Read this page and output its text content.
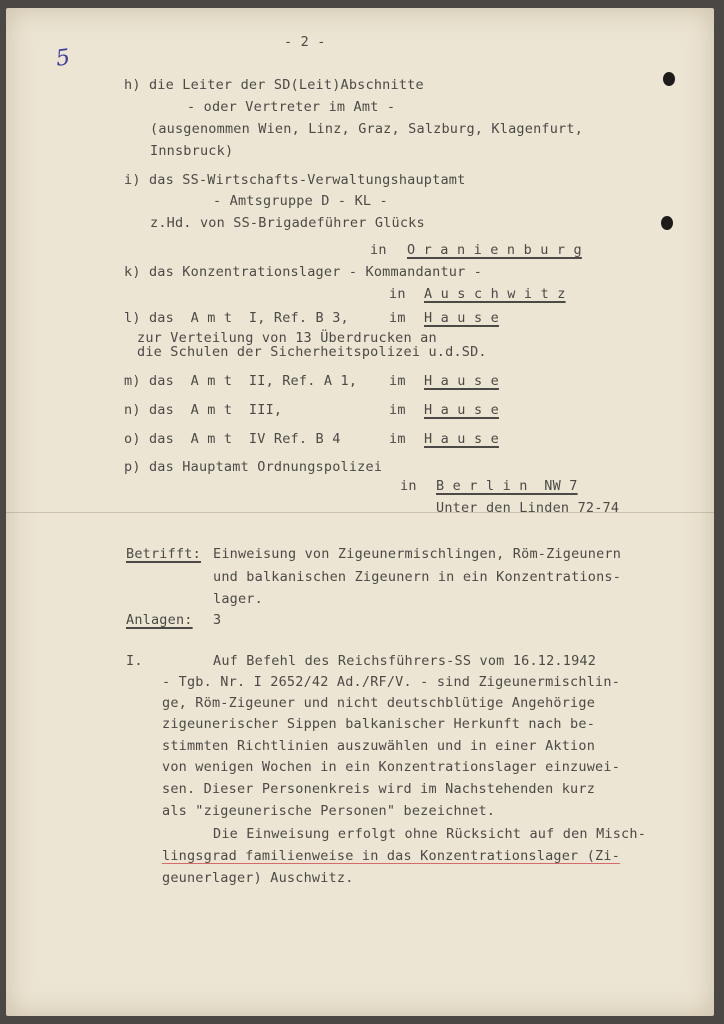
5
- 2 -
h) die Leiter der SD(Leit)Abschnitte
- oder Vertreter im Amt -
(ausgenommen Wien, Linz, Graz, Salzburg, Klagenfurt,
Innsbruck)
i) das SS-Wirtschafts-Verwaltungshauptamt
- Amtsgruppe D - KL -
z.Hd. von SS-Brigadeführer Glücks
in O r a n i e n b u r g
k) das Konzentrationslager - Kommandantur -
in A u s c h w i t z
l) das  A m t  I, Ref. B 3,	im H a u s e
zur Verteilung von 13 Überdrucken an
die Schulen der Sicherheitspolizei u.d.SD.
m) das  A m t  II, Ref. A 1, im H a u s e
n) das  A m t  III,	im H a u s e
o) das  A m t  IV Ref. B 4	im H a u s e
p) das Hauptamt Ordnungspolizei
in B e r l i n  NW 7
Unter den Linden 72-74
Betrifft: Einweisung von Zigeunermischlingen, Röm-Zigeunern
und balkanischen Zigeunern in ein Konzentrations-
lager.
Anlagen: 3
I.	Auf Befehl des Reichsführers-SS vom 16.12.1942
- Tgb. Nr. I 2652/42 Ad./RF/V. - sind Zigeunermischlin-
ge, Röm-Zigeuner und nicht deutschblütige Angehörige
zigeunerischer Sippen balkanischer Herkunft nach be-
stimmten Richtlinien auszuwählen und in einer Aktion
von wenigen Wochen in ein Konzentrationslager einzuwei-
sen. Dieser Personenkreis wird im Nachstehenden kurz
als "zigeunerische Personen" bezeichnet.
Die Einweisung erfolgt ohne Rücksicht auf den Misch-
lingsgrad familienweise in das Konzentrationslager (Zi-
geunerlager) Auschwitz.
